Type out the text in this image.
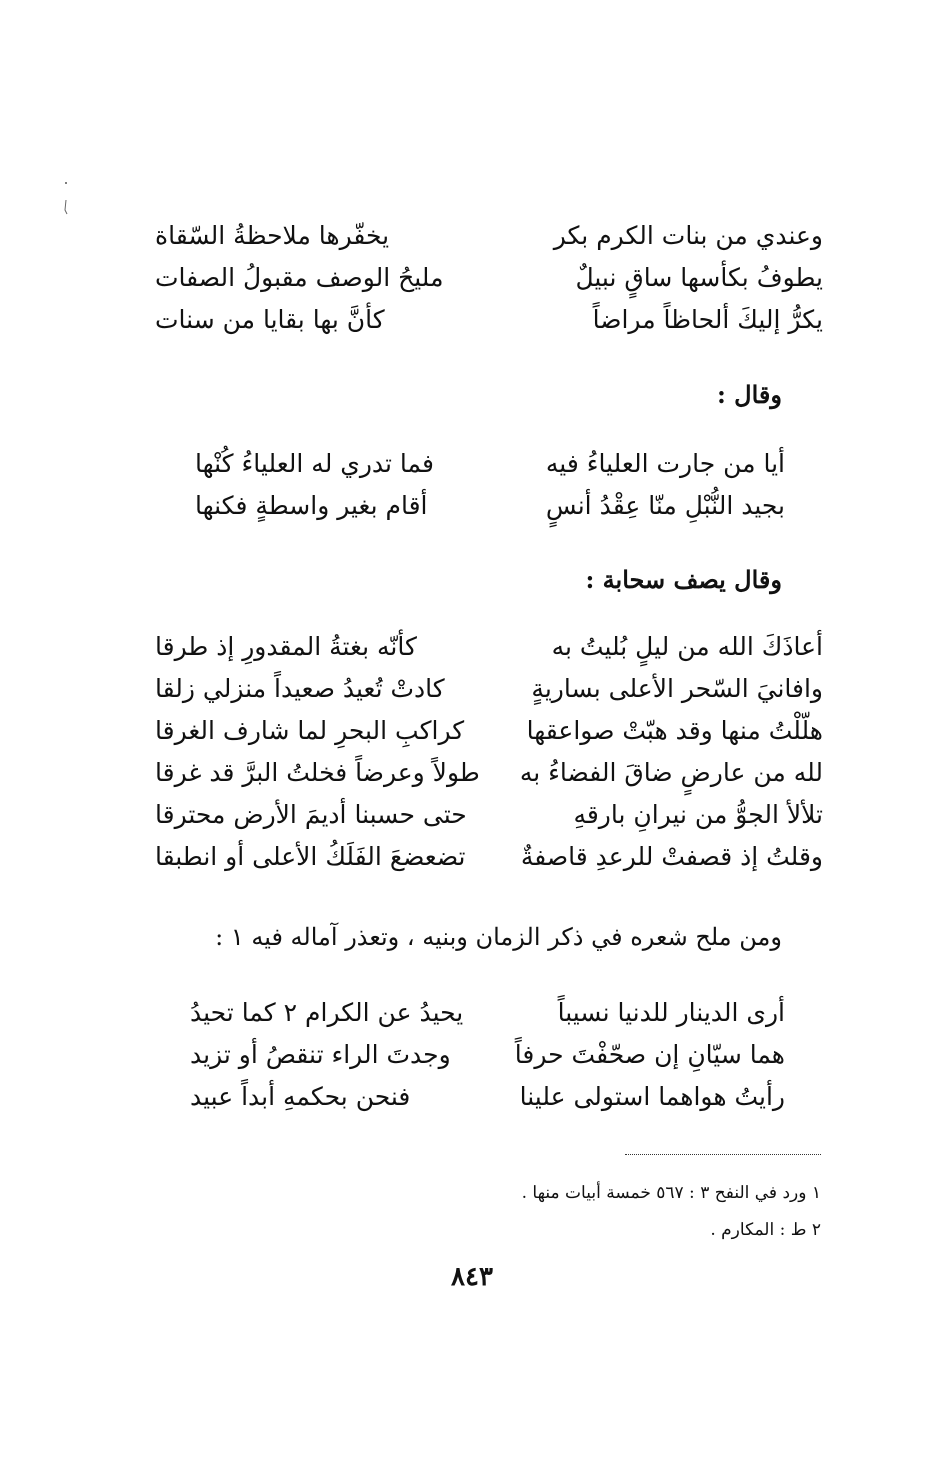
وعندي من بنات الكرم بكر
يخفّرها ملاحظةُ السّقاة
يطوفُ بكأسها ساقٍ نبيلٌ
مليحُ الوصف مقبولُ الصفات
يكرُّ إليكَ ألحاظاً مراضاً
كأنَّ بها بقايا من سنات
وقال :
أيا من جارت العلياءُ فيه
فما تدري له العلياءُ كُنْها
بجيد النُّبْلِ منّا عِقْدُ أنسٍ
أقام بغير واسطةٍ فكنها
وقال يصف سحابة :
أعاذَكَ الله من ليلٍ بُليتُ به
كأنّه بغتةُ المقدورِ إذ طرقا
وافانيَ السّحر الأعلى بساريةٍ
كادتْ تُعيدُ صعيداً منزلي زلقا
هلّلْتُ منها وقد هبّتْ صواعقها
كراكبِ البحرِ لما شارف الغرقا
لله من عارضٍ ضاقَ الفضاءُ به
طولاً وعرضاً فخلتُ البرَّ قد غرقا
تلألأ الجوُّ من نيرانِ بارقهِ
حتى حسبنا أديمَ الأرض محترقا
وقلتُ إذ قصفتْ للرعدِ قاصفةٌ
تضعضعَ الفَلَكُ الأعلى أو انطبقا
ومن ملح شعره في ذكر الزمان وبنيه ، وتعذر آماله فيه ١ :
أرى الدينار للدنيا نسيباً
يحيدُ عن الكرام ٢ كما تحيدُ
هما سيّانِ إن صحّفْتَ حرفاً
وجدتَ الراء تنقصُ أو تزيد
رأيتُ هواهما استولى علينا
فنحن بحكمهِ أبداً عبيد
١ ورد في النفح ٣ : ٥٦٧ خمسة أبيات منها .
٢ ط : المكارم .
٨٤٣
